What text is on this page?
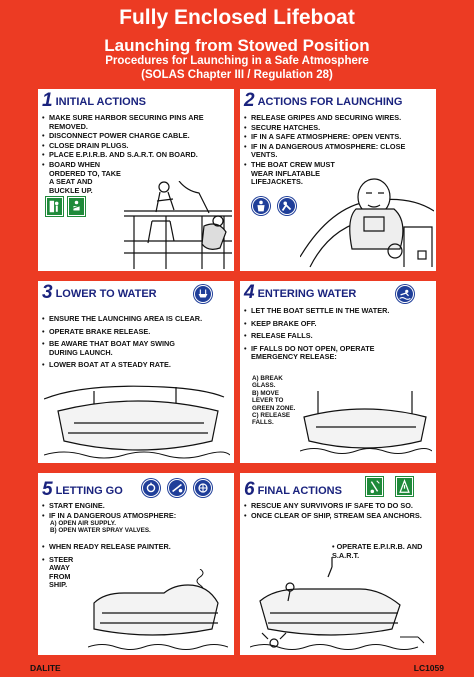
Fully Enclosed Lifeboat
Launching from Stowed Position
Procedures for Launching in a Safe Atmosphere
(SOLAS Chapter III / Regulation 28)
1 INITIAL ACTIONS
• MAKE SURE HARBOR SECURING PINS ARE REMOVED.
• DISCONNECT POWER CHARGE CABLE.
• CLOSE DRAIN PLUGS.
• PLACE E.P.I.R.B. AND S.A.R.T. ON BOARD.
• BOARD WHEN ORDERED TO, TAKE A SEAT AND BUCKLE UP.
2 ACTIONS FOR LAUNCHING
• RELEASE GRIPES AND SECURING WIRES.
• SECURE HATCHES.
• IF IN A SAFE ATMOSPHERE: OPEN VENTS.
• IF IN A DANGEROUS ATMOSPHERE: CLOSE VENTS.
• THE BOAT CREW MUST WEAR INFLATABLE LIFEJACKETS.
3 LOWER TO WATER
• ENSURE THE LAUNCHING AREA IS CLEAR.
• OPERATE BRAKE RELEASE.
• BE AWARE THAT BOAT MAY SWING DURING LAUNCH.
• LOWER BOAT AT A STEADY RATE.
4 ENTERING WATER
• LET THE BOAT SETTLE IN THE WATER.
• KEEP BRAKE OFF.
• RELEASE FALLS.
• IF FALLS DO NOT OPEN, OPERATE EMERGENCY RELEASE:
A) BREAK GLASS.
B) MOVE LEVER TO GREEN ZONE.
C) RELEASE FALLS.
5 LETTING GO
• START ENGINE.
• IF IN A DANGEROUS ATMOSPHERE:
A) OPEN AIR SUPPLY.
B) OPEN WATER SPRAY VALVES.
• WHEN READY RELEASE PAINTER.
• STEER AWAY FROM SHIP.
6 FINAL ACTIONS
• RESCUE ANY SURVIVORS IF SAFE TO DO SO.
• ONCE CLEAR OF SHIP, STREAM SEA ANCHORS.
• OPERATE E.P.I.R.B. AND S.A.R.T.
DALITE	LC1059
